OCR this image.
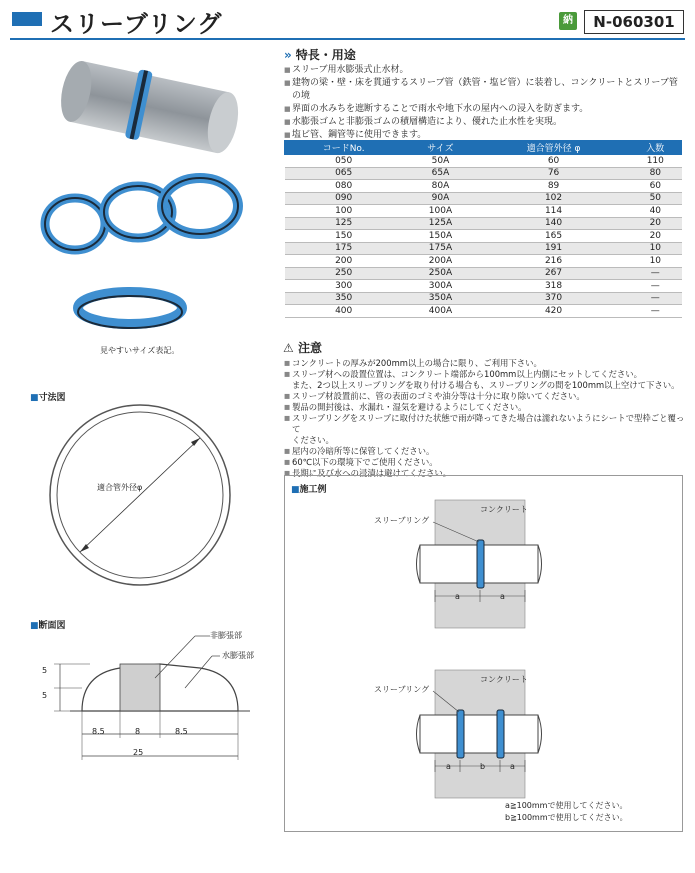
スリーブリング	納	N-060301
見やすいサイズ表記。
» 特長・用途
■ スリーブ用水膨張式止水材。
■ 建物の梁・壁・床を貫通するスリーブ管（鉄管・塩ビ管）に装着し、コンクリートとスリーブ管の境
■ 界面の水みちを遮断することで雨水や地下水の屋内への浸入を防ぎます。
■ 水膨張ゴムと非膨張ゴムの積層構造により、優れた止水性を実現。
■ 塩ビ管、鋼管等に使用できます。
コードNo.	サイズ	適合管外径 φ	入数
050	50A	60	110
065	65A	76	80
080	80A	89	60
090	90A	102	50
100	100A	114	40
125	125A	140	20
150	150A	165	20
175	175A	191	10
200	200A	216	10
250	250A	267	—
300	300A	318	—
350	350A	370	—
400	400A	420	—
⚠ 注意
■ コンクリートの厚みが200mm以上の場合に限り、ご利用下さい。
■ スリーブ材への設置位置は、コンクリート端部から100mm以上内側にセットしてください。
また、2つ以上スリーブリングを取り付ける場合も、スリーブリングの間を100mm以上空けて下さい。
■ スリーブ材設置前に、管の表面のゴミや油分等は十分に取り除いてください。
■ 製品の開封後は、水漏れ・湿気を避けるようにしてください。
■ スリーブリングをスリーブに取付けた状態で雨が降ってきた場合は濡れないようにシートで型枠ごと覆って
ください。
■ 屋内の冷暗所等に保管してください。
■ 60℃以下の環境下でご使用ください。
■ 長期に及び水への浸漬は避けてください。
■寸法図
適合管外径φ
■断面図
非膨張部
水膨張部
5
5
8.5	8	8.5
25
■施工例
コンクリート
スリーブリング
a	a
コンクリート
スリーブリング
a	b	a
a≧100mmで使用してください。
b≧100mmで使用してください。
